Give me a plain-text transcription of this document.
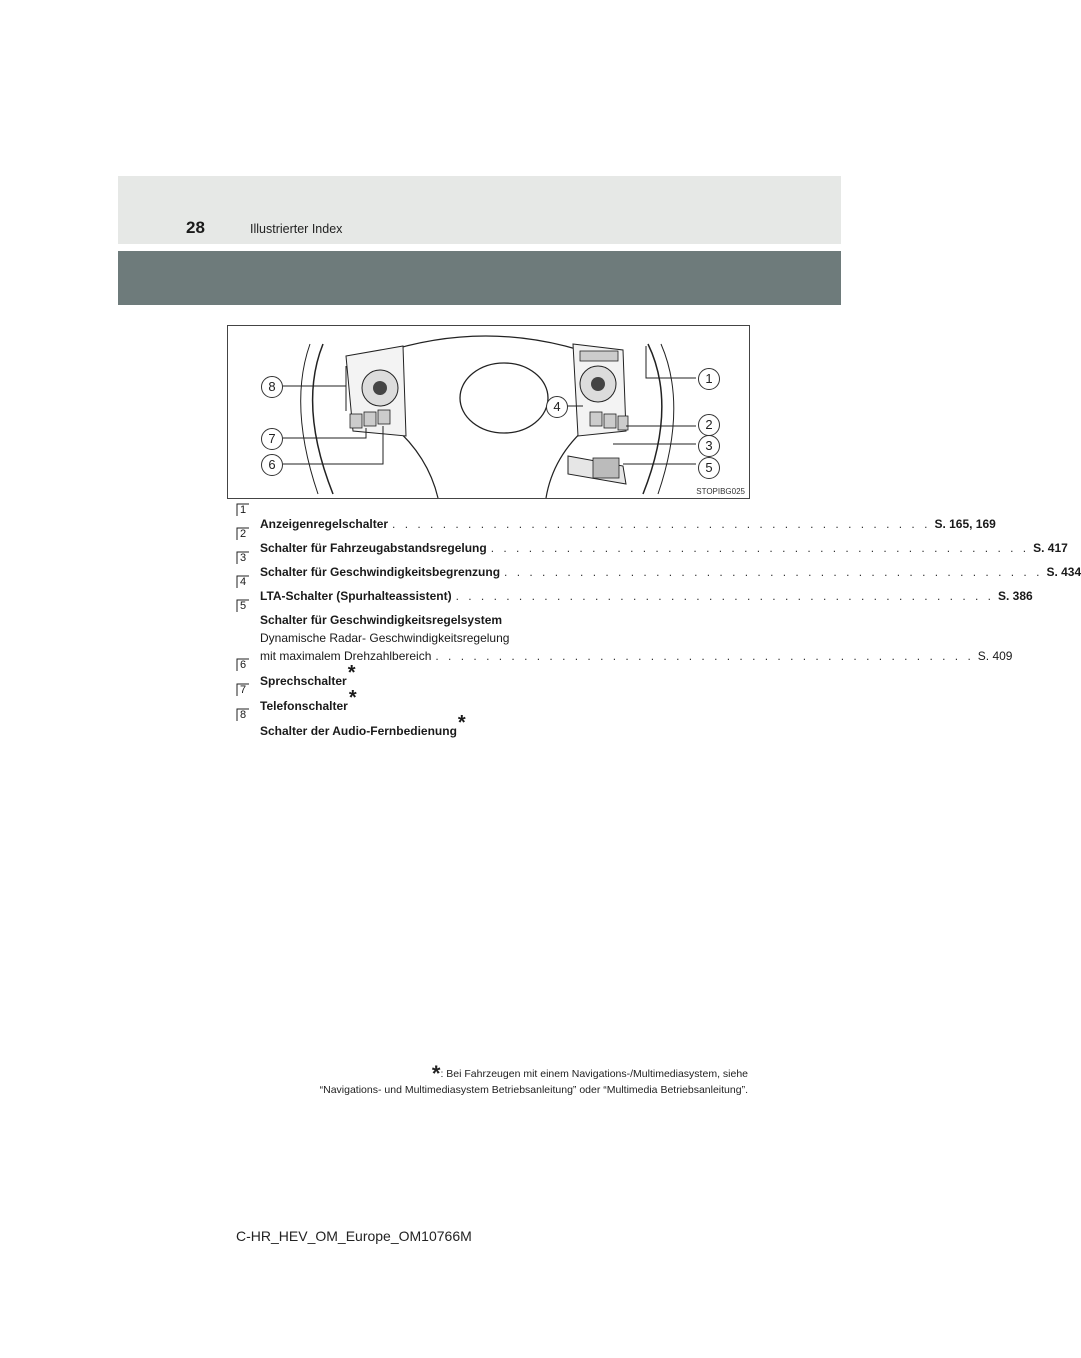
28	Illustrierter Index
1
2
3
4
5
6
7
8
STOPIBG025
1
Anzeigenregelschalter . . . . . . . . . . . . . . . . . . . . . . . . . . . . . . . . . . . . . . . . . . . S. 165, 169
2
Schalter für Fahrzeugabstandsregelung . . . . . . . . . . . . . . . . . . . . . . . . . . . . . . . . . . . . . . . . . . . S. 417
3
Schalter für Geschwindigkeitsbegrenzung . . . . . . . . . . . . . . . . . . . . . . . . . . . . . . . . . . . . . . . . . . . S. 434
4
LTA-Schalter (Spurhalteassistent) . . . . . . . . . . . . . . . . . . . . . . . . . . . . . . . . . . . . . . . . . . . S. 386
5
Schalter für Geschwindigkeitsregelsystem
Dynamische Radar- Geschwindigkeitsregelung
mit maximalem Drehzahlbereich . . . . . . . . . . . . . . . . . . . . . . . . . . . . . . . . . . . . . . . . . . . S. 409
6
Sprechschalter *
7
Telefonschalter *
8
Schalter der Audio-Fernbedienung *
*: Bei Fahrzeugen mit einem Navigations-/Multimediasystem, siehe
“Navigations- und Multimediasystem Betriebsanleitung” oder “Multimedia Betriebsanleitung”.
C-HR_HEV_OM_Europe_OM10766M
